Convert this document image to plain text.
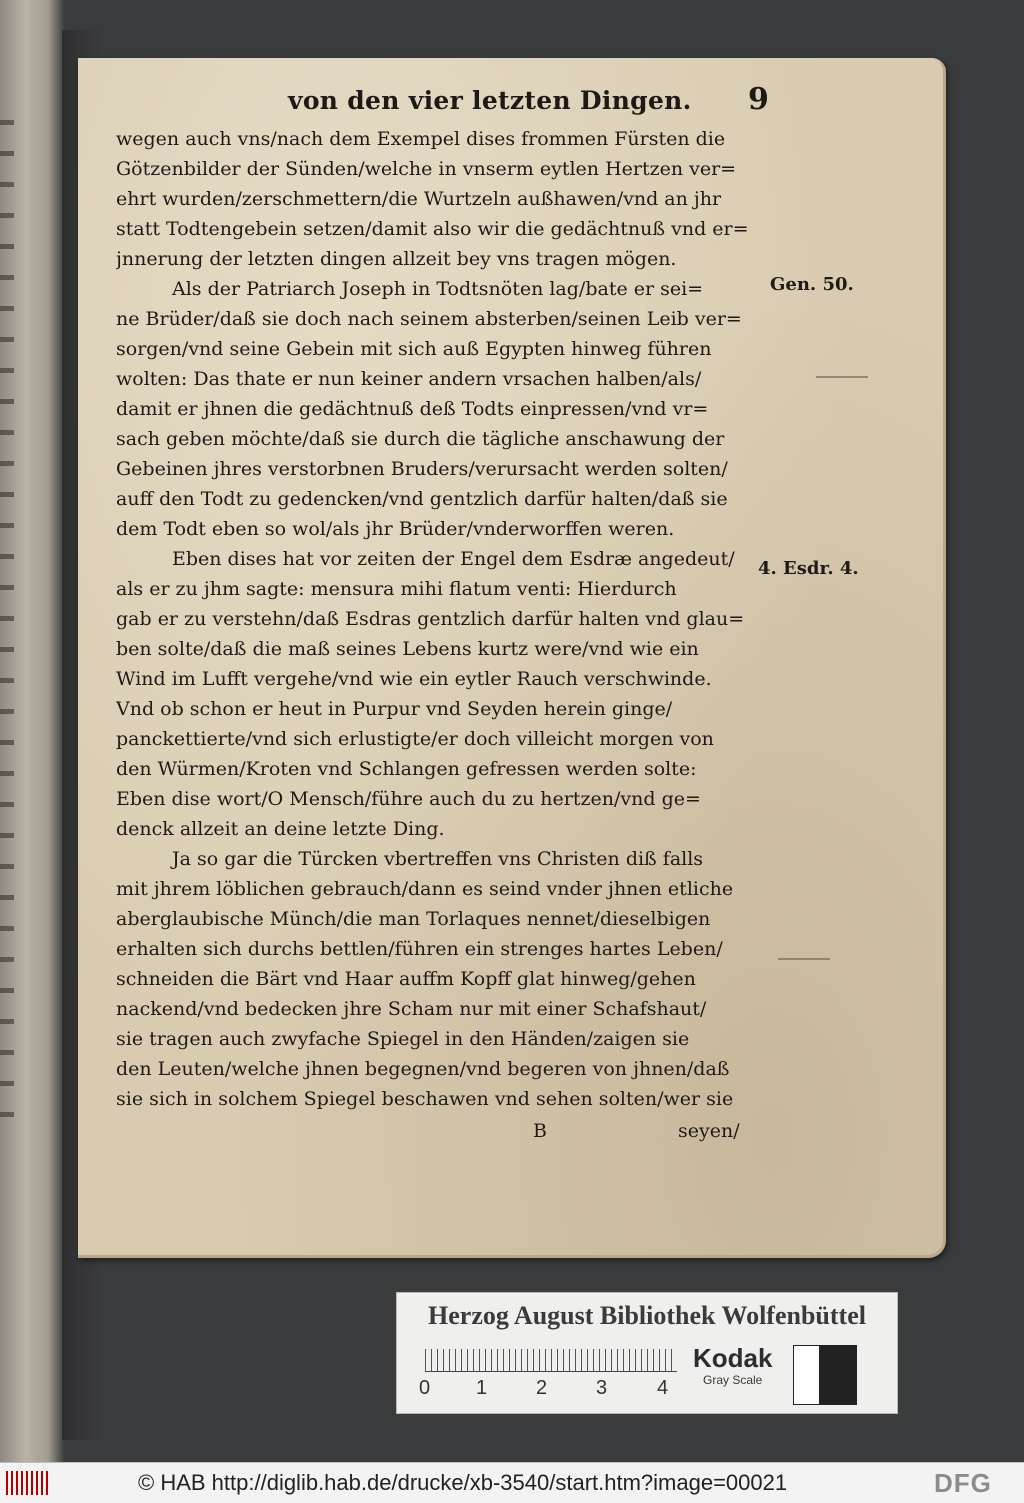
von den vier letzten Dingen. 9
wegen auch vns/nach dem Exempel dises frommen Fürsten die
Götzenbilder der Sünden/welche in vnserm eytlen Hertzen ver=
ehrt wurden/zerschmettern/die Wurtzeln außhawen/vnd an jhr
statt Todtengebein setzen/damit also wir die gedächtnuß vnd er=
jnnerung der letzten dingen allzeit bey vns tragen mögen.
Als der Patriarch Joseph in Todtsnöten lag/bate er sei=
ne Brüder/daß sie doch nach seinem absterben/seinen Leib ver=
sorgen/vnd seine Gebein mit sich auß Egypten hinweg führen
wolten: Das thate er nun keiner andern vrsachen halben/als/
damit er jhnen die gedächtnuß deß Todts einpressen/vnd vr=
sach geben möchte/daß sie durch die tägliche anschawung der
Gebeinen jhres verstorbnen Bruders/verursacht werden solten/
auff den Todt zu gedencken/vnd gentzlich darfür halten/daß sie
dem Todt eben so wol/als jhr Brüder/vnderworffen weren.
Eben dises hat vor zeiten der Engel dem Esdræ angedeut/
als er zu jhm sagte: mensura mihi flatum venti: Hierdurch
gab er zu verstehn/daß Esdras gentzlich darfür halten vnd glau=
ben solte/daß die maß seines Lebens kurtz were/vnd wie ein
Wind im Lufft vergehe/vnd wie ein eytler Rauch verschwinde.
Vnd ob schon er heut in Purpur vnd Seyden herein ginge/
panckettierte/vnd sich erlustigte/er doch villeicht morgen von
den Würmen/Kroten vnd Schlangen gefressen werden solte:
Eben dise wort/O Mensch/führe auch du zu hertzen/vnd ge=
denck allzeit an deine letzte Ding.
Ja so gar die Türcken vbertreffen vns Christen diß falls
mit jhrem löblichen gebrauch/dann es seind vnder jhnen etliche
aberglaubische Münch/die man Torlaques nennet/dieselbigen
erhalten sich durchs bettlen/führen ein strenges hartes Leben/
schneiden die Bärt vnd Haar auffm Kopff glat hinweg/gehen
nackend/vnd bedecken jhre Scham nur mit einer Schafshaut/
sie tragen auch zwyfache Spiegel in den Händen/zaigen sie
den Leuten/welche jhnen begegnen/vnd begeren von jhnen/daß
sie sich in solchem Spiegel beschawen vnd sehen solten/wer sie
B	seyen/
Gen. 50.
4. Esdr. 4.
Herzog August Bibliothek Wolfenbüttel
0 1 2 3 4
Kodak
Gray Scale
© HAB http://diglib.hab.de/drucke/xb-3540/start.htm?image=00021	DFG
